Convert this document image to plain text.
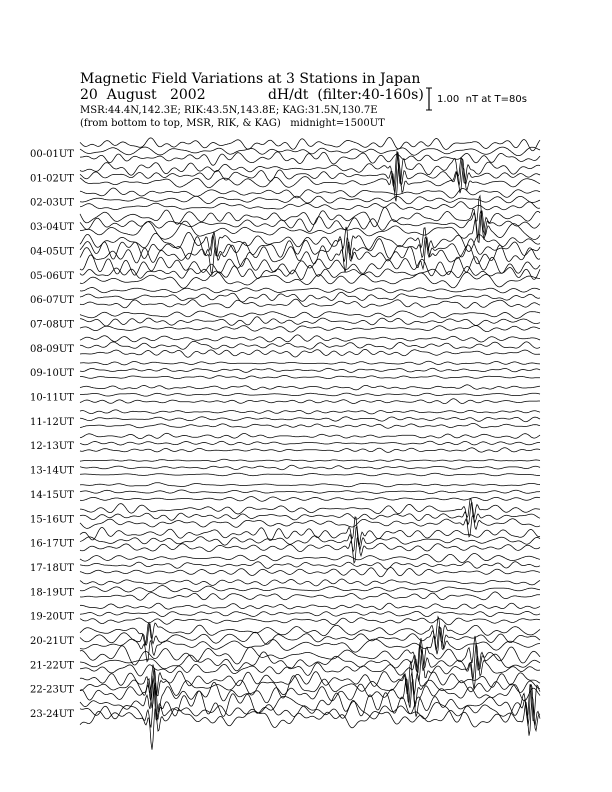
Magnetic Field Variations at 3 Stations in Japan
20  August   2002	dH/dt  (filter:40-160s)
MSR:44.4N,142.3E; RIK:43.5N,143.8E; KAG:31.5N,130.7E
(from bottom to top, MSR, RIK, & KAG)   midnight=1500UT
1.00  nT at T=80s
00-01UT
01-02UT
02-03UT
03-04UT
04-05UT
05-06UT
06-07UT
07-08UT
08-09UT
09-10UT
10-11UT
11-12UT
12-13UT
13-14UT
14-15UT
15-16UT
16-17UT
17-18UT
18-19UT
19-20UT
20-21UT
21-22UT
22-23UT
23-24UT
